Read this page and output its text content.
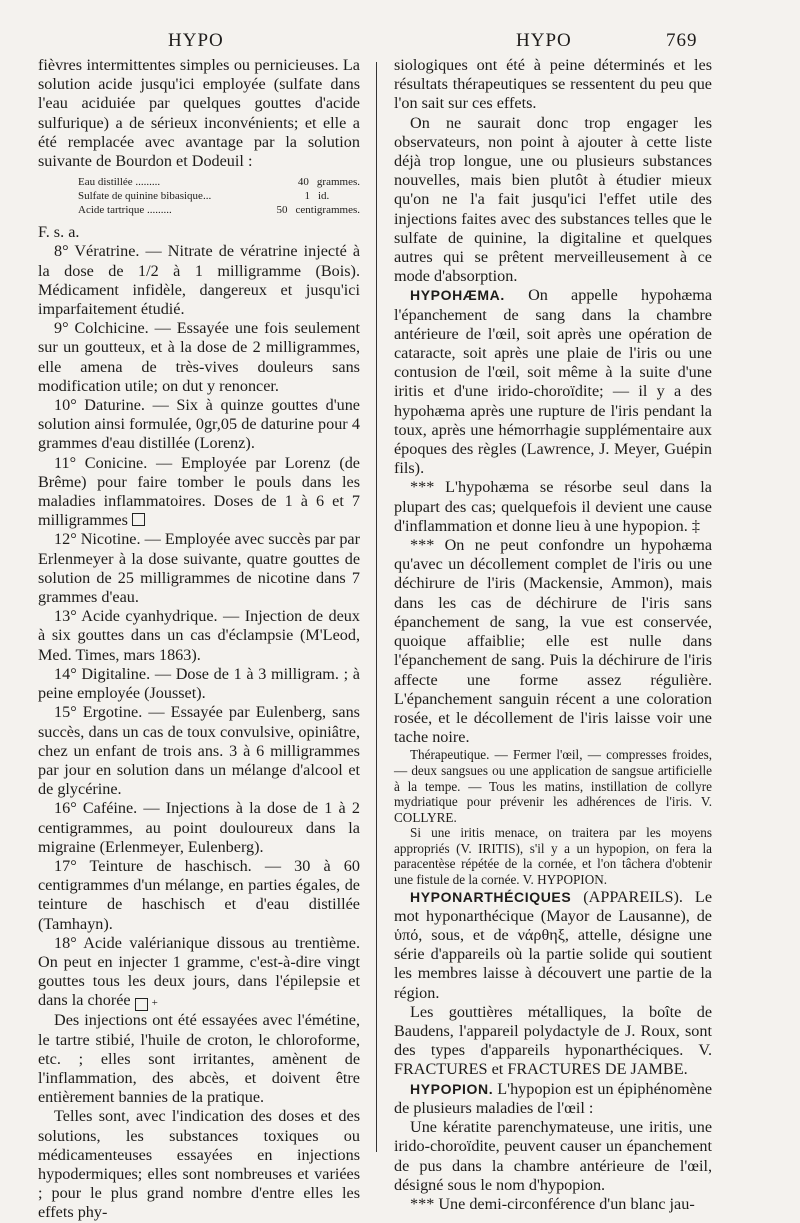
HYPO	HYPO	769

fièvres intermittentes simples ou pernicieuses. La solution acide jusqu'ici employée (sulfate dans l'eau aciduiée par quelques gouttes d'acide sulfurique) a de sérieux inconvénients; et elle a été remplacée avec avantage par la solution suivante de Bourdon et Dodeuil :

Eau distillée .........	40 grammes.
Sulfate de quinine bibasique...	1 id.
Acide tartrique .........	50 centigrammes.

F. s. a.

8° Vératrine. — Nitrate de vératrine injecté à la dose de 1/2 à 1 milligramme (Bois). Médicament infidèle, dangereux et jusqu'ici imparfaitement étudié.

9° Colchicine. — Essayée une fois seulement sur un goutteux, et à la dose de 2 milligrammes, elle amena de très-vives douleurs sans modification utile; on dut y renoncer.

10° Daturine. — Six à quinze gouttes d'une solution ainsi formulée, 0gr,05 de daturine pour 4 grammes d'eau distillée (Lorenz).

11° Conicine. — Employée par Lorenz (de Brême) pour faire tomber le pouls dans les maladies inflammatoires. Doses de 1 à 6 et 7 milligrammes

12° Nicotine. — Employée avec succès par par Erlenmeyer à la dose suivante, quatre gouttes de solution de 25 milligrammes de nicotine dans 7 grammes d'eau.

13° Acide cyanhydrique. — Injection de deux à six gouttes dans un cas d'éclampsie (M'Leod, Med. Times, mars 1863).

14° Digitaline. — Dose de 1 à 3 milligram. ; à peine employée (Jousset).

15° Ergotine. — Essayée par Eulenberg, sans succès, dans un cas de toux convulsive, opiniâtre, chez un enfant de trois ans. 3 à 6 milligrammes par jour en solution dans un mélange d'alcool et de glycérine.

16° Caféine. — Injections à la dose de 1 à 2 centigrammes, au point douloureux dans la migraine (Erlenmeyer, Eulenberg).

17° Teinture de haschisch. — 30 à 60 centigrammes d'un mélange, en parties égales, de teinture de haschisch et d'eau distillée (Tamhayn).

18° Acide valérianique dissous au trentième. On peut en injecter 1 gramme, c'est-à-dire vingt gouttes tous les deux jours, dans l'épilepsie et dans la chorée +

Des injections ont été essayées avec l'émétine, le tartre stibié, l'huile de croton, le chloroforme, etc. ; elles sont irritantes, amènent de l'inflammation, des abcès, et doivent être entièrement bannies de la pratique.

Telles sont, avec l'indication des doses et des solutions, les substances toxiques ou médicamenteuses essayées en injections hypodermiques; elles sont nombreuses et variées ; pour le plus grand nombre d'entre elles les effets phy-

siologiques ont été à peine déterminés et les résultats thérapeutiques se ressentent du peu que l'on sait sur ces effets.

On ne saurait donc trop engager les observateurs, non point à ajouter à cette liste déjà trop longue, une ou plusieurs substances nouvelles, mais bien plutôt à étudier mieux qu'on ne l'a fait jusqu'ici l'effet utile des injections faites avec des substances telles que le sulfate de quinine, la digitaline et quelques autres qui se prêtent merveilleusement à ce mode d'absorption.

HYPOHÆMA. On appelle hypohæma l'épanchement de sang dans la chambre antérieure de l'œil, soit après une opération de cataracte, soit après une plaie de l'iris ou une contusion de l'œil, soit même à la suite d'une iritis et d'une irido-choroïdite; — il y a des hypohæma après une rupture de l'iris pendant la toux, après une hémorrhagie supplémentaire aux époques des règles (Lawrence, J. Meyer, Guépin fils).

*** L'hypohæma se résorbe seul dans la plupart des cas; quelquefois il devient une cause d'inflammation et donne lieu à une hypopion. ‡

*** On ne peut confondre un hypohæma qu'avec un décollement complet de l'iris ou une déchirure de l'iris (Mackensie, Ammon), mais dans les cas de déchirure de l'iris sans épanchement de sang, la vue est conservée, quoique affaiblie; elle est nulle dans l'épanchement de sang. Puis la déchirure de l'iris affecte une forme assez régulière. L'épanchement sanguin récent a une coloration rosée, et le décollement de l'iris laisse voir une tache noire.

Thérapeutique. — Fermer l'œil, — compresses froides, — deux sangsues ou une application de sangsue artificielle à la tempe. — Tous les matins, instillation de collyre mydriatique pour prévenir les adhérences de l'iris. V. COLLYRE.

Si une iritis menace, on traitera par les moyens appropriés (V. IRITIS), s'il y a un hypopion, on fera la paracentèse répétée de la cornée, et l'on tâchera d'obtenir une fistule de la cornée. V. HYPOPION.

HYPONARTHÉCIQUES (APPAREILS). Le mot hyponarthécique (Mayor de Lausanne), de ὑπό, sous, et de νάρθηξ, attelle, désigne une série d'appareils où la partie solide qui soutient les membres laisse à découvert une partie de la région.

Les gouttières métalliques, la boîte de Baudens, l'appareil polydactyle de J. Roux, sont des types d'appareils hyponarthéciques. V. FRACTURES et FRACTURES DE JAMBE.

HYPOPION. L'hypopion est un épiphénomène de plusieurs maladies de l'œil :

Une kératite parenchymateuse, une iritis, une irido-choroïdite, peuvent causer un épanchement de pus dans la chambre antérieure de l'œil, désigné sous le nom d'hypopion.

*** Une demi-circonférence d'un blanc jau-
